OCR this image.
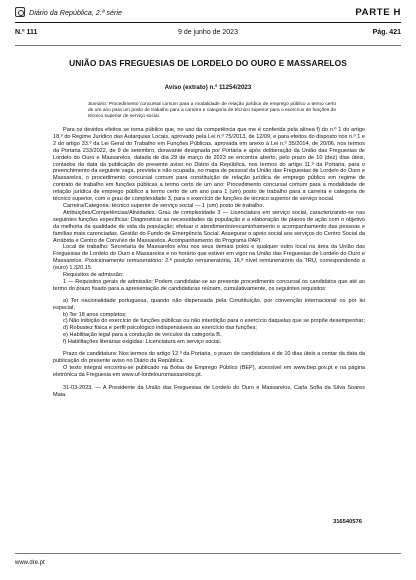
Diário da República, 2.ª série	PARTE H
N.º 111	9 de junho de 2023	Pág. 421
UNIÃO DAS FREGUESIAS DE LORDELO DO OURO E MASSARELOS
Aviso (extrato) n.º 11254/2023
Sumário: Procedimento concursal comum para a modalidade de relação jurídica de emprego público a termo certo de um ano para um posto de trabalho para a carreira e categoria de técnico superior para o exercício de funções de técnico superior de serviço social.

Para os devidos efeitos se torna público que, no uso da competência que me é conferida pela alínea f) do n.º 1 do artigo 18.º do Regime Jurídico das Autarquias Locais, aprovado pela Lei n.º 75/2013, de 12/09, e para efeitos do disposto nos n.º 1 e 2 do artigo 33.º da Lei Geral do Trabalho em Funções Públicas, aprovada em anexo à Lei n.º 35/2014, de 20/06, nos termos da Portaria 233/2022, de 9 de setembro, doravante designada por Portaria e após deliberação da União das Freguesias de Lordelo do Ouro e Massarelos, datada de dia 29 de março de 2023 se encontra aberto, pelo prazo de 10 (dez) dias úteis, contados da data da publicação do presente aviso no Diário da República, nos termos do artigo 11.º da Portaria, para o preenchimento da seguinte vaga, prevista e não ocupada, no mapa de pessoal da União das Freguesias de Lordelo do Ouro e Massarelos, o procedimento concursal comum para constituição de relação jurídica de emprego público em regime de contrato de trabalho em funções públicas a termo certo de um ano: Procedimento concursal comum para a modalidade de relação jurídica de emprego público a termo certo de um ano para 1 (um) posto de trabalho para a carreira e categoria de técnico superior, com o grau de complexidade 3, para o exercício de funções de técnico superior de serviço social.

Carreira/Categoria: técnico superior de serviço social — 1 (um) posto de trabalho.

Atribuições/Competências/Atividades: Grau de complexidade 3 — Licenciatura em serviço social, caracterizando-se nas seguintes funções específicas: Diagnosticar as necessidades da população e a elaboração de planos de ação com o objetivo da melhoria da qualidade de vida da população; efetuar o atendimento/encaminhamento e acompanhamento das pessoas e famílias mais carenciadas. Gestão do Fundo de Emergência Social. Assegurar o apoio social aos serviços do Centro Social da Arrábida e Centro de Convívio de Massarelos. Acompanhamento do Programa PAPI.

Local de trabalho: Secretaria de Massarelos e/ou nos seus demais polos e qualquer outro local na área da União das Freguesias de Lordelo do Ouro e Massarelos e no horário que estiver em vigor na União das Freguesias de Lordelo do Ouro e Massarelos. Posicionamento remuneratório: 2.ª posição remuneratória, 16.º nível remuneratório da TRU, correspondendo a (euro) 1.320,15.

Requisitos de admissão:

1 — Requisitos gerais de admissão: Podem candidatar-se ao presente procedimento concursal os candidatos que até ao termo do prazo fixado para a apresentação de candidaturas reúnam, cumulativamente, os seguintes requisitos:

a) Ter nacionalidade portuguesa, quando não dispensada pela Constituição, por convenção internacional ou por lei especial;

b) Ter 18 anos completos;

c) Não inibição do exercício de funções públicas ou não interdição para o exercício daquelas que se propõe desempenhar;

d) Robustez física e perfil psicológico indispensáveis ao exercício das funções;

e) Habilitação legal para a condução de veículos da categoria B.

f) Habilitações literárias exigidas: Licenciatura em serviço social.

Prazo de candidatura: Nos termos do artigo 12.º da Portaria, o prazo de candidatura é de 10 dias úteis a contar da data da publicação do presente aviso no Diário da República.

O texto integral encontra-se publicado na Bolsa de Emprego Público (BEP), acessível em www.bep.gov.pt e na página eletrónica da Freguesia em www.uf-lordelouromassarelos.pt.

31-03-2023. — A Presidente da União das Freguesias de Lordelo do Ouro e Massarelos, Carla Sofia da Silva Soares Maia.

316540576
www.dre.pt
